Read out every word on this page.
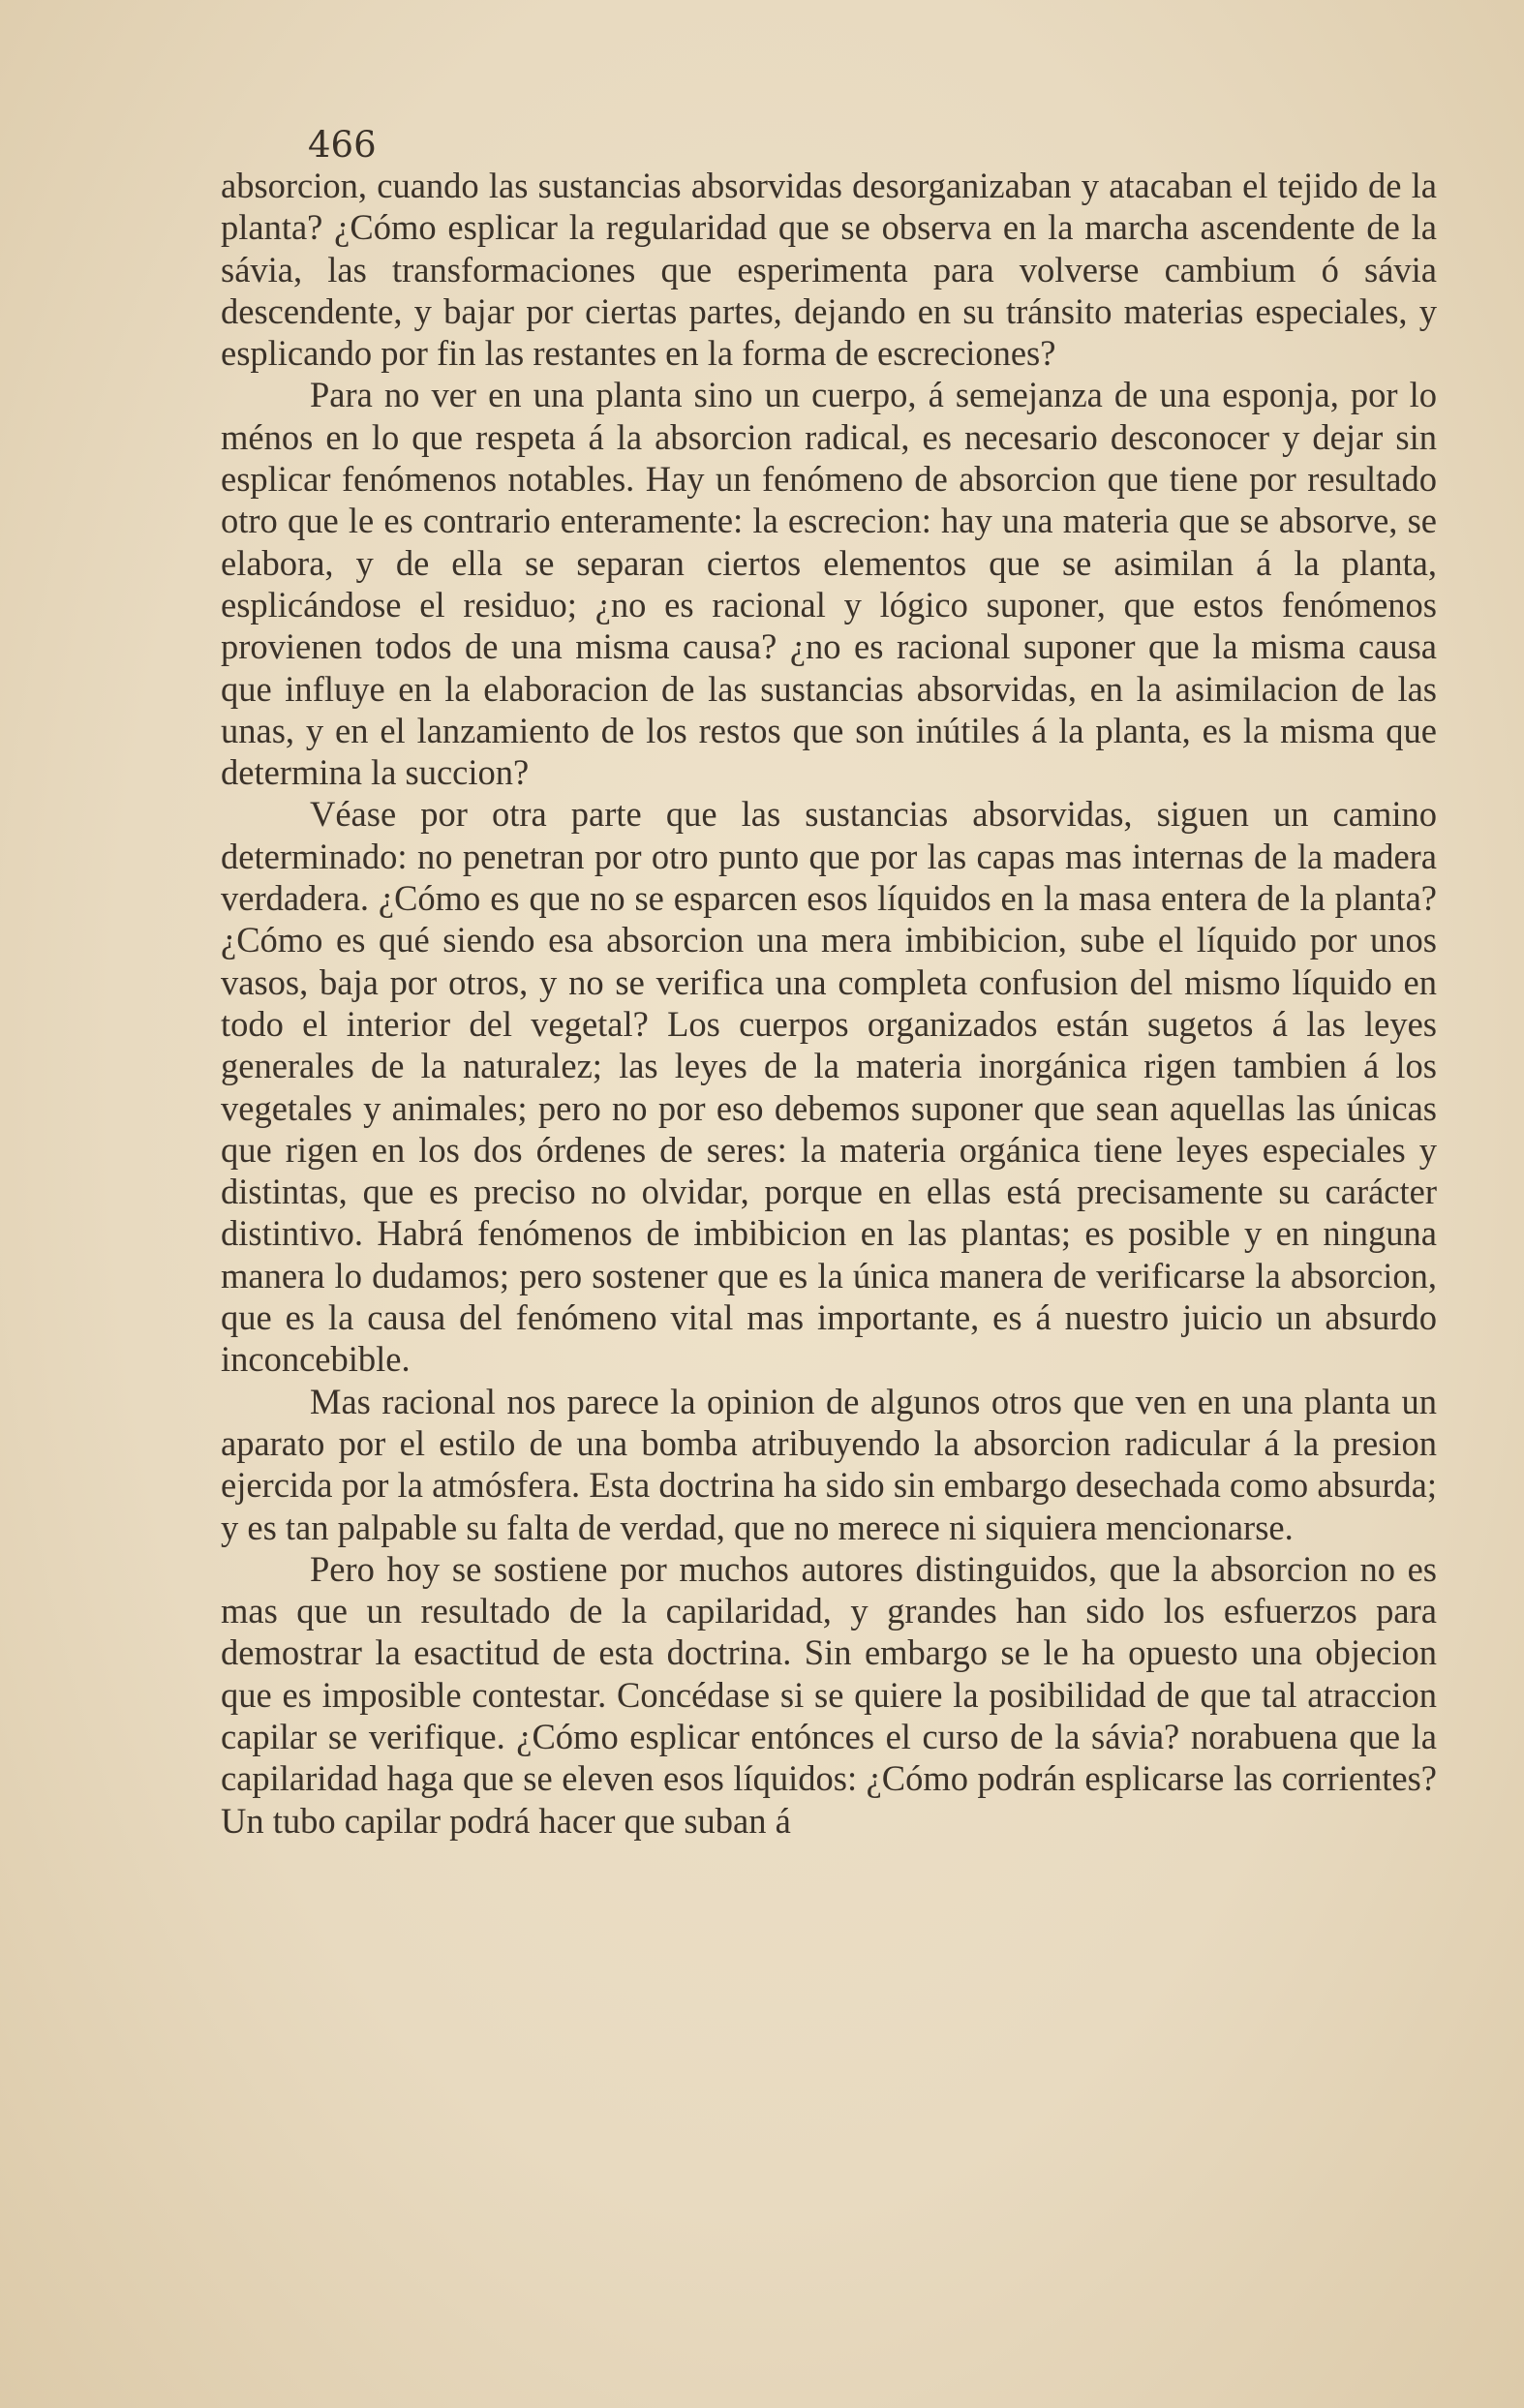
466

absorcion, cuando las sustancias absorvidas desorganizaban y atacaban el tejido de la planta? ¿Cómo esplicar la regularidad que se observa en la marcha ascendente de la sávia, las transformaciones que esperimenta para volverse cambium ó sávia descendente, y bajar por ciertas partes, dejando en su tránsito materias especiales, y esplicando por fin las restantes en la forma de escreciones?

Para no ver en una planta sino un cuerpo, á semejanza de una esponja, por lo ménos en lo que respeta á la absorcion radical, es necesario desconocer y dejar sin esplicar fenómenos notables. Hay un fenómeno de absorcion que tiene por resultado otro que le es contrario enteramente: la escrecion: hay una materia que se absorve, se elabora, y de ella se separan ciertos elementos que se asimilan á la planta, esplicándose el residuo; ¿no es racional y lógico suponer, que estos fenómenos provienen todos de una misma causa? ¿no es racional suponer que la misma causa que influye en la elaboracion de las sustancias absorvidas, en la asimilacion de las unas, y en el lanzamiento de los restos que son inútiles á la planta, es la misma que determina la succion?

Véase por otra parte que las sustancias absorvidas, siguen un camino determinado: no penetran por otro punto que por las capas mas internas de la madera verdadera. ¿Cómo es que no se esparcen esos líquidos en la masa entera de la planta? ¿Cómo es qué siendo esa absorcion una mera imbibicion, sube el líquido por unos vasos, baja por otros, y no se verifica una completa confusion del mismo líquido en todo el interior del vegetal? Los cuerpos organizados están sugetos á las leyes generales de la naturalez; las leyes de la materia inorgánica rigen tambien á los vegetales y animales; pero no por eso debemos suponer que sean aquellas las únicas que rigen en los dos órdenes de seres: la materia orgánica tiene leyes especiales y distintas, que es preciso no olvidar, porque en ellas está precisamente su carácter distintivo. Habrá fenómenos de imbibicion en las plantas; es posible y en ninguna manera lo dudamos; pero sostener que es la única manera de verificarse la absorcion, que es la causa del fenómeno vital mas importante, es á nuestro juicio un absurdo inconcebible.

Mas racional nos parece la opinion de algunos otros que ven en una planta un aparato por el estilo de una bomba atribuyendo la absorcion radicular á la presion ejercida por la atmósfera. Esta doctrina ha sido sin embargo desechada como absurda; y es tan palpable su falta de verdad, que no merece ni siquiera mencionarse.

Pero hoy se sostiene por muchos autores distinguidos, que la absorcion no es mas que un resultado de la capilaridad, y grandes han sido los esfuerzos para demostrar la esactitud de esta doctrina. Sin embargo se le ha opuesto una objecion que es imposible contestar. Concédase si se quiere la posibilidad de que tal atraccion capilar se verifique. ¿Cómo esplicar entónces el curso de la sávia? norabuena que la capilaridad haga que se eleven esos líquidos: ¿Cómo podrán esplicarse las corrientes? Un tubo capilar podrá hacer que suban á
